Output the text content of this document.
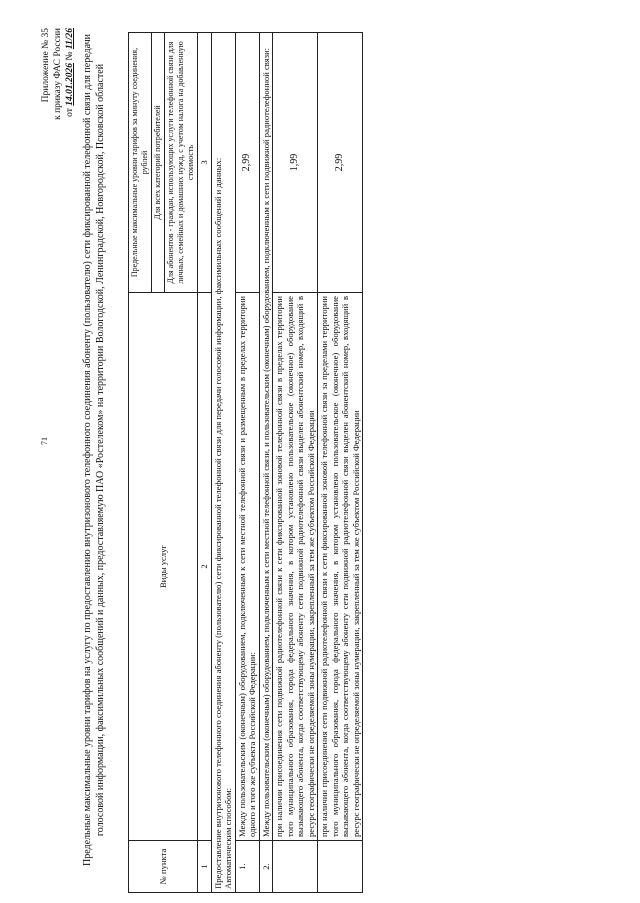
71
Приложение № 35 к приказу ФАС России от 14.01.2026 № 11/26 Предельные максимальные уровни тарифов на услугу по предоставлению внутризонового телефонного соединения абоненту (пользователю) сети фиксированной телефонной связи для передачи голосовой информации, факсимильных сообщений и данных, предоставляемую ПАО «Ростелеком» на территории Вологодской, Ленинградской, Новгородской, Псковской областей
№ пункта	Виды услуг	Предельные максимальные уровни тарифов за минуту соединения, рублей
		Для всех категорий потребителей
		Для абонентов - граждан, использующих услуги телефонной связи для личных, семейных и домашних нужд, с учетом налога на добавленную стоимость
1	2	3

Предоставление внутризонового телефонного соединения абоненту (пользователю) сети фиксированной телефонной связи для передачи голосовой информации, факсимильных сообщений и данных: Автоматическим способом:		

1.	Между пользовательским (оконечным) оборудованием, подключенным к сети местной телефонной связи и размещенным в пределах территории одного и того же субъекта Российской Федерации:	2,99
2.	Между пользовательским (оконечным) оборудованием, подключенным к сети местной телефонной связи, и пользовательским (оконечным) оборудованием, подключенным к сети подвижной радиотелефонной связи:	
	при наличии присоединения сети подвижной радиотелефонной связи к сети фиксированной зоновой телефонной связи в пределах территории того муниципального образования, города федерального значения, в котором установлено пользовательское (оконечное) оборудование вызывающего абонента, когда соответствующему абоненту сети подвижной радиотелефонной связи выделен абонентский номер, входящий в ресурс географически не определяемой зоны нумерации, закрепленный за тем же субъектом Российской Федерации	1,99
	при наличии присоединения сети подвижной радиотелефонной связи к сети фиксированной зоновой телефонной связи за пределами территории того муниципального образования, города федерального значения, в котором установлено пользовательское (оконечное) оборудование вызывающего абонента, когда соответствующему абоненту сети подвижной радиотелефонной связи выделен абонентский номер, входящий в ресурс географически не определяемой зоны нумерации, закрепленный за тем же субъектом Российской Федерации	2,99
